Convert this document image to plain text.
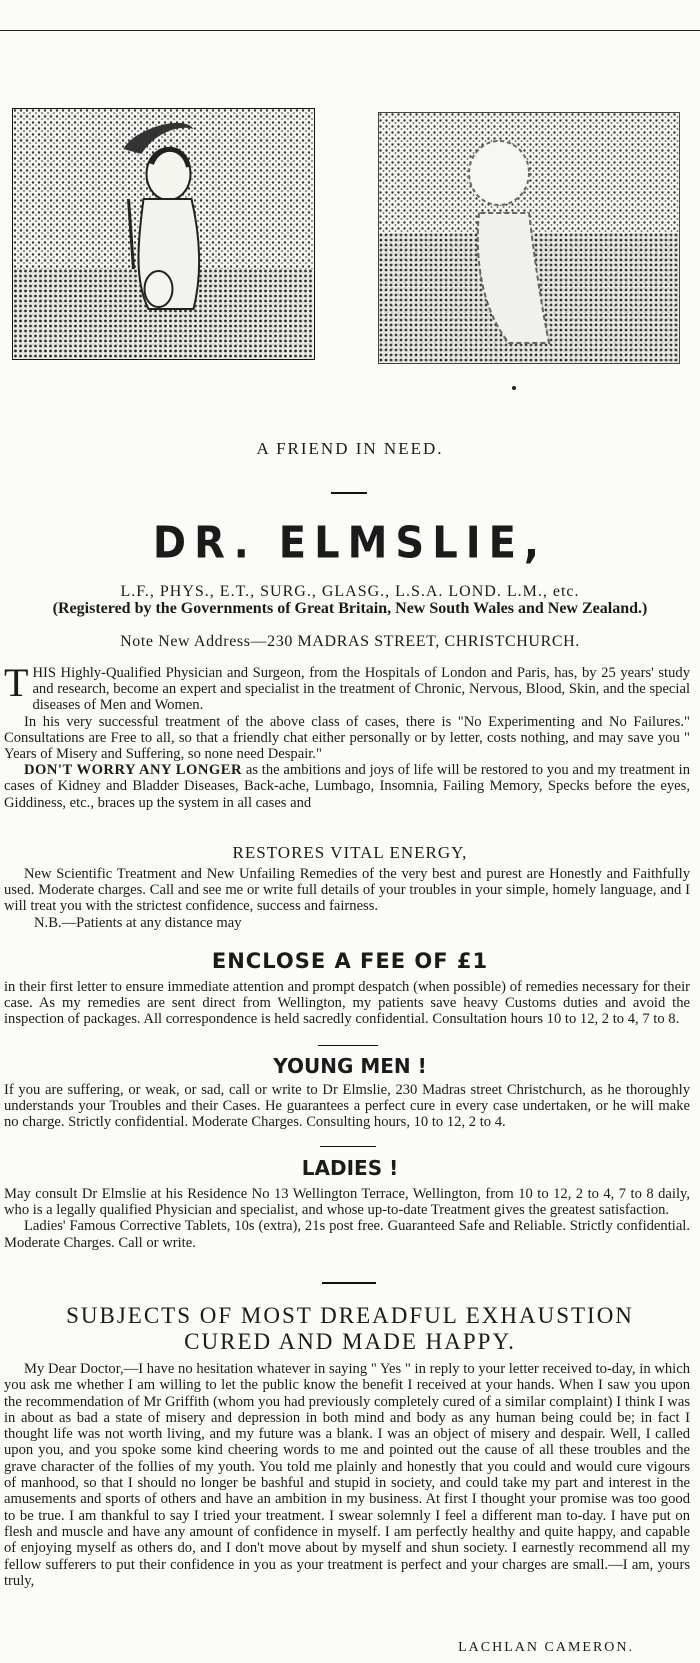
A FRIEND IN NEED.
DR. ELMSLIE,
L.F., PHYS., E.T., SURG., GLASG., L.S.A. LOND. L.M., etc.
(Registered by the Governments of Great Britain, New South Wales and New Zealand.)
Note New Address—230 MADRAS STREET, CHRISTCHURCH.

THIS Highly-Qualified Physician and Surgeon, from the Hospitals of London and Paris, has, by 25 years' study and research, become an expert and specialist in the treatment of Chronic, Nervous, Blood, Skin, and the special diseases of Men and Women.

In his very successful treatment of the above class of cases, there is "No Experimenting and No Failures." Consultations are Free to all, so that a friendly chat either personally or by letter, costs nothing, and may save you " Years of Misery and Suffering, so none need Despair."

DON'T WORRY ANY LONGER as the ambitions and joys of life will be restored to you and my treatment in cases of Kidney and Bladder Diseases, Back-ache, Lumbago, Insomnia, Failing Memory, Specks before the eyes, Giddiness, etc., braces up the system in all cases and

RESTORES VITAL ENERGY,

New Scientific Treatment and New Unfailing Remedies of the very best and purest are Honestly and Faithfully used. Moderate charges. Call and see me or write full details of your troubles in your simple, homely language, and I will treat you with the strictest confidence, success and fairness.

N.B.—Patients at any distance may

ENCLOSE A FEE OF £1
in their first letter to ensure immediate attention and prompt despatch (when possible) of remedies necessary for their case. As my remedies are sent direct from Wellington, my patients save heavy Customs duties and avoid the inspection of packages. All correspondence is held sacredly confidential. Consultation hours 10 to 12, 2 to 4, 7 to 8.
YOUNG MEN !
If you are suffering, or weak, or sad, call or write to Dr Elmslie, 230 Madras street Christchurch, as he thoroughly understands your Troubles and their Cases. He guarantees a perfect cure in every case undertaken, or he will make no charge. Strictly confidential. Moderate Charges. Consulting hours, 10 to 12, 2 to 4.
LADIES !

May consult Dr Elmslie at his Residence No 13 Wellington Terrace, Wellington, from 10 to 12, 2 to 4, 7 to 8 daily, who is a legally qualified Physician and specialist, and whose up-to-date Treatment gives the greatest satisfaction.

Ladies' Famous Corrective Tablets, 10s (extra), 21s post free. Guaranteed Safe and Reliable. Strictly confidential. Moderate Charges. Call or write.

SUBJECTS OF MOST DREADFUL EXHAUSTION
CURED AND MADE HAPPY.

My Dear Doctor,—I have no hesitation whatever in saying " Yes " in reply to your letter received to-day, in which you ask me whether I am willing to let the public know the benefit I received at your hands. When I saw you upon the recommendation of Mr Griffith (whom you had previously completely cured of a similar complaint) I think I was in about as bad a state of misery and depression in both mind and body as any human being could be; in fact I thought life was not worth living, and my future was a blank. I was an object of misery and despair. Well, I called upon you, and you spoke some kind cheering words to me and pointed out the cause of all these troubles and the grave character of the follies of my youth. You told me plainly and honestly that you could and would cure vigours of manhood, so that I should no longer be bashful and stupid in society, and could take my part and interest in the amusements and sports of others and have an ambition in my business. At first I thought your promise was too good to be true. I am thankful to say I tried your treatment. I swear solemnly I feel a different man to-day. I have put on flesh and muscle and have any amount of confidence in myself. I am perfectly healthy and quite happy, and capable of enjoying myself as others do, and I don't move about by myself and shun society. I earnestly recommend all my fellow sufferers to put their confidence in you as your treatment is perfect and your charges are small.—I am, yours truly,

LACHLAN CAMERON.
